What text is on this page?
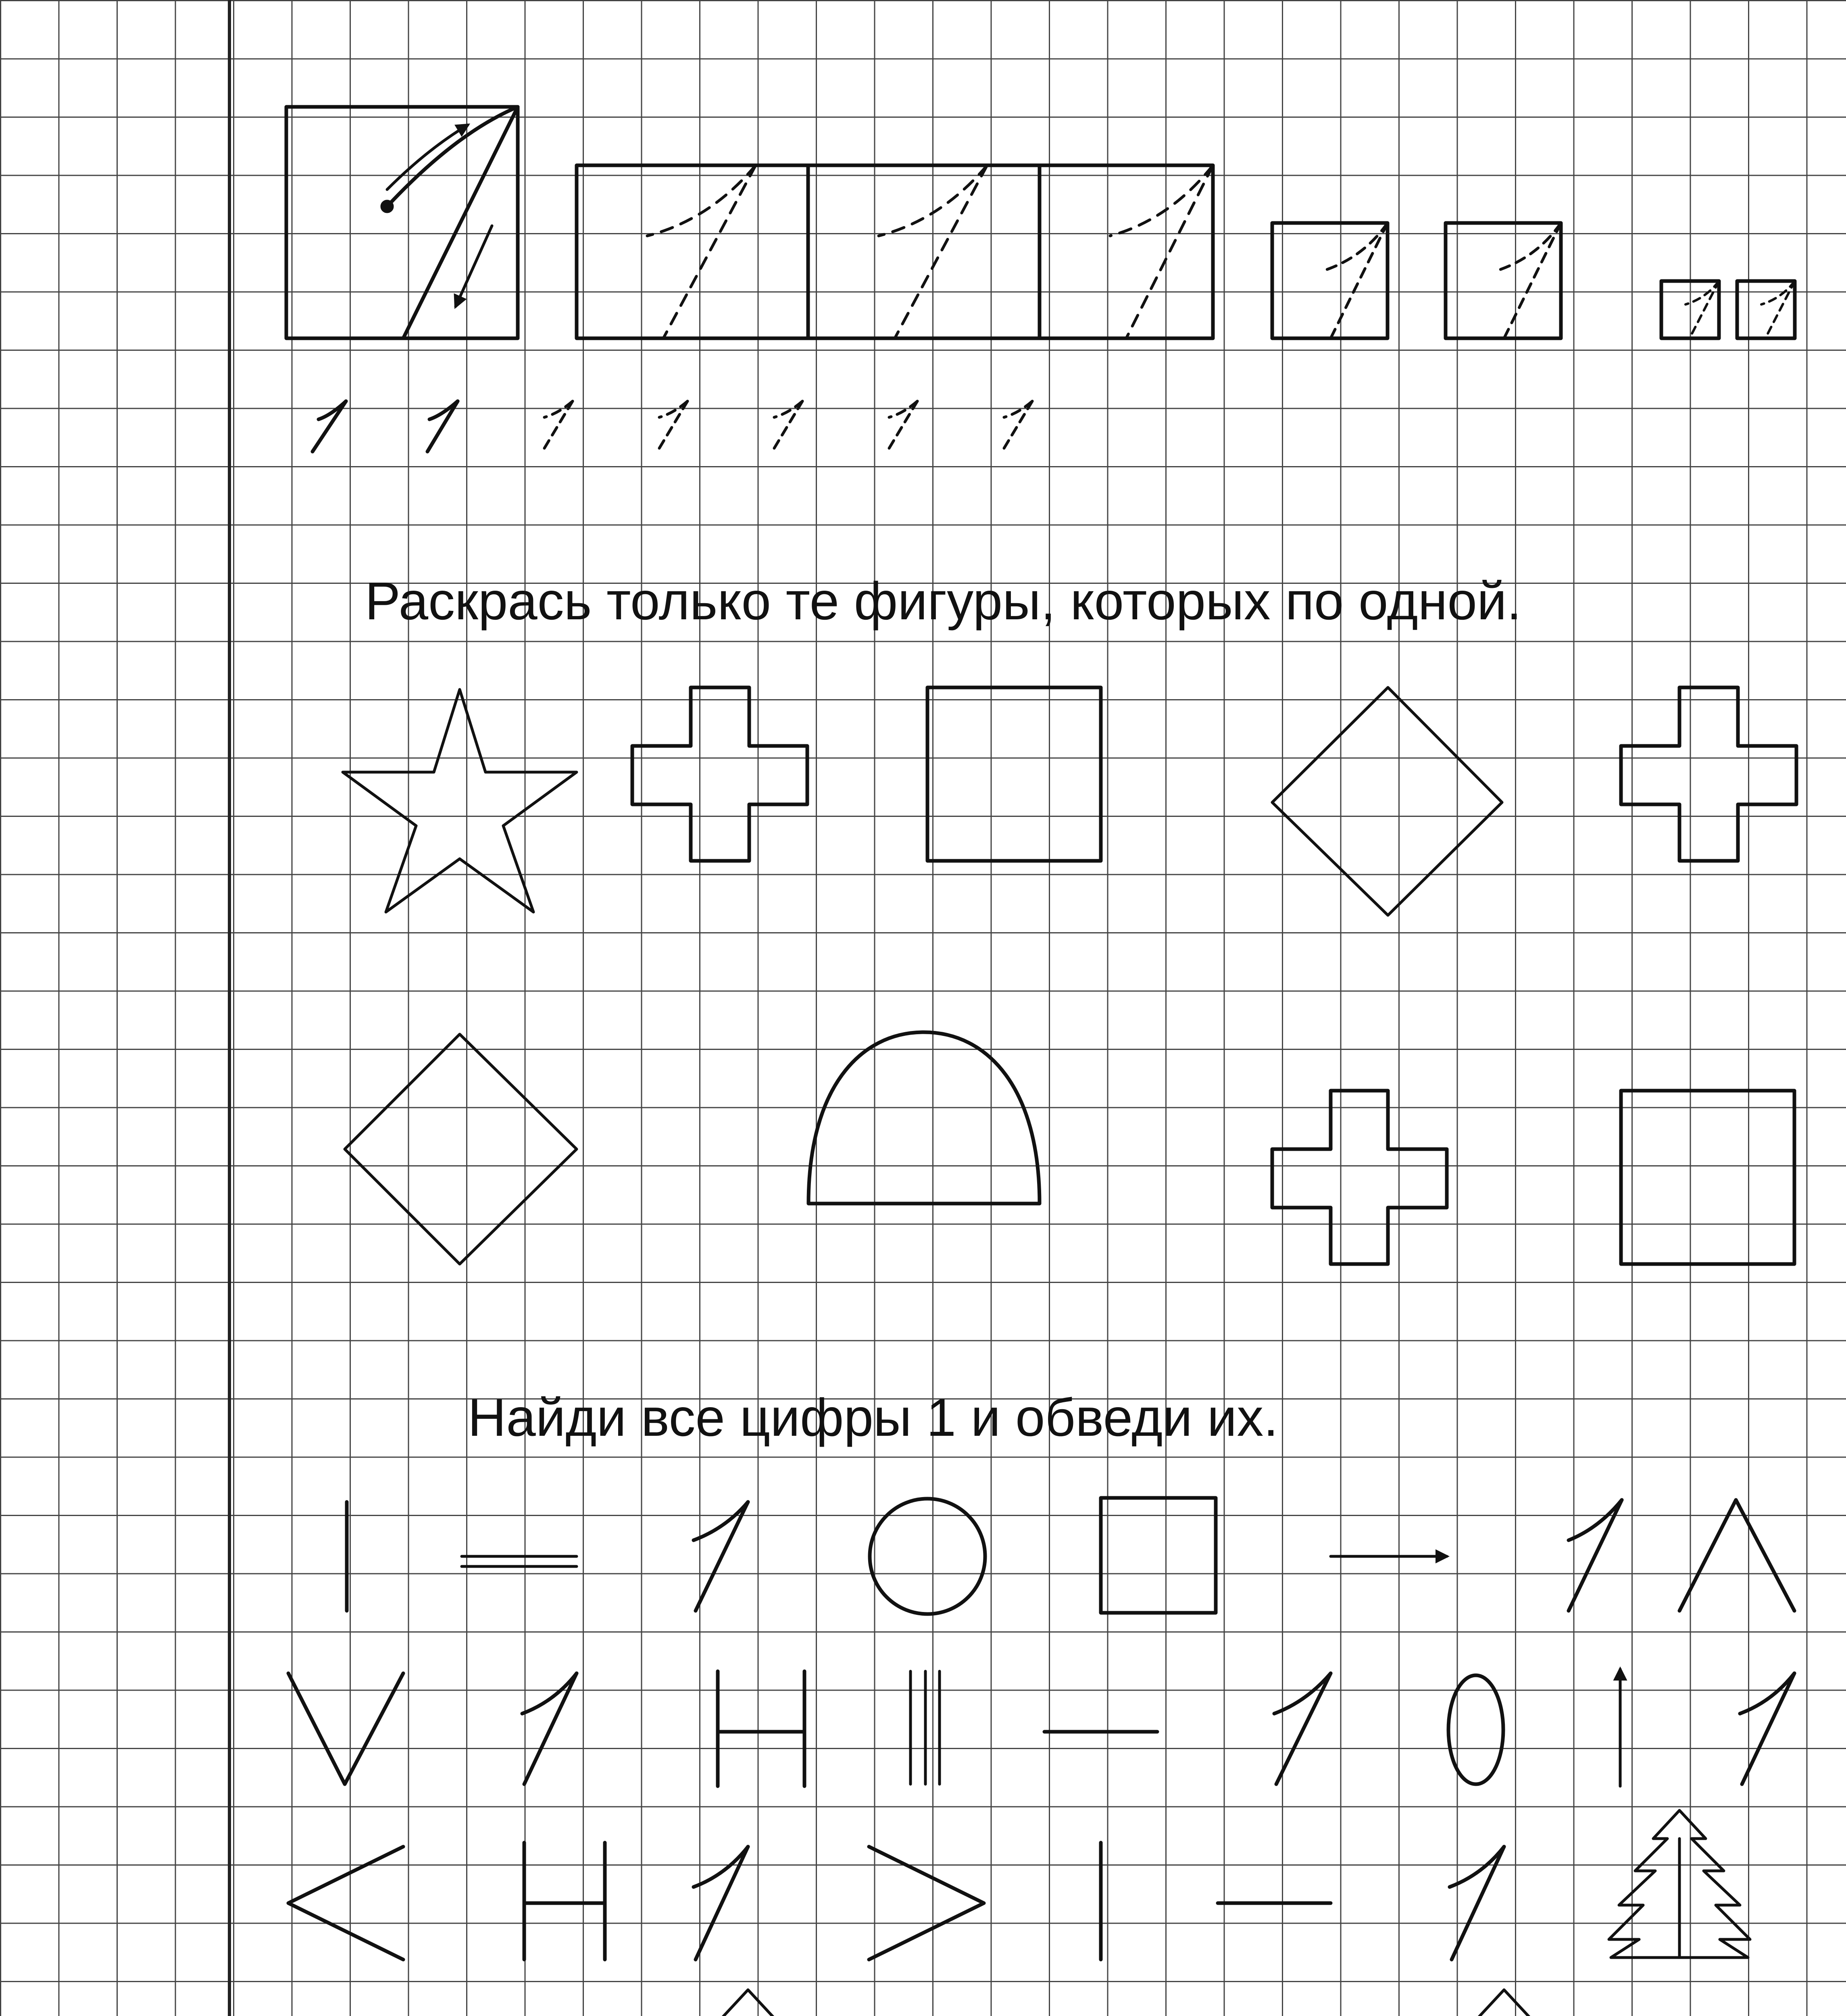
Раскрась только те фигуры, которых по одной.
Найди все цифры 1 и обведи их.
